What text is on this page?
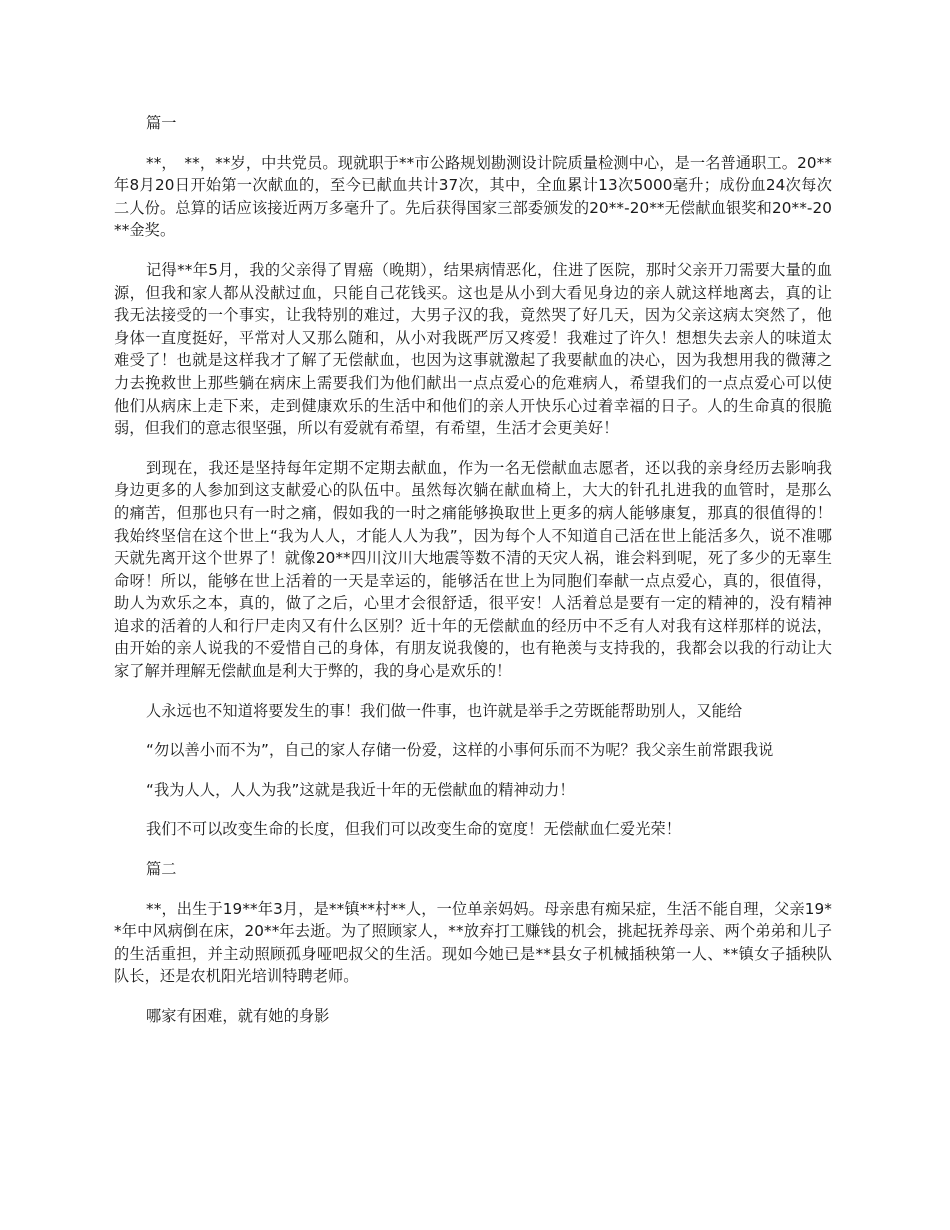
篇一
**，　**，**岁，中共党员。现就职于**市公路规划勘测设计院质量检测中心，是一名普通职工。20**年8月20日开始第一次献血的，至今已献血共计37次，其中，全血累计13次5000毫升；成份血24次每次二人份。总算的话应该接近两万多毫升了。先后获得国家三部委颁发的20**-20**无偿献血银奖和20**-20**金奖。
记得**年5月，我的父亲得了胃癌（晚期），结果病情恶化，住进了医院，那时父亲开刀需要大量的血源，但我和家人都从没献过血，只能自己花钱买。这也是从小到大看见身边的亲人就这样地离去，真的让我无法接受的一个事实，让我特别的难过，大男子汉的我，竟然哭了好几天，因为父亲这病太突然了，他身体一直度挺好，平常对人又那么随和，从小对我既严厉又疼爱！我难过了许久！想想失去亲人的味道太难受了！也就是这样我才了解了无偿献血，也因为这事就激起了我要献血的决心，因为我想用我的微薄之力去挽救世上那些躺在病床上需要我们为他们献出一点点爱心的危难病人，希望我们的一点点爱心可以使他们从病床上走下来，走到健康欢乐的生活中和他们的亲人开快乐心过着幸福的日子。人的生命真的很脆弱，但我们的意志很坚强，所以有爱就有希望，有希望，生活才会更美好！
到现在，我还是坚持每年定期不定期去献血，作为一名无偿献血志愿者，还以我的亲身经历去影响我身边更多的人参加到这支献爱心的队伍中。虽然每次躺在献血椅上，大大的针孔扎进我的血管时，是那么的痛苦，但那也只有一时之痛，假如我的一时之痛能够换取世上更多的病人能够康复，那真的很值得的！我始终坚信在这个世上“我为人人，才能人人为我”，因为每个人不知道自己活在世上能活多久，说不准哪天就先离开这个世界了！就像20**四川汶川大地震等数不清的天灾人祸，谁会料到呢，死了多少的无辜生命呀！所以，能够在世上活着的一天是幸运的，能够活在世上为同胞们奉献一点点爱心，真的，很值得，助人为欢乐之本，真的，做了之后，心里才会很舒适，很平安！人活着总是要有一定的精神的，没有精神追求的活着的人和行尸走肉又有什么区别？近十年的无偿献血的经历中不乏有人对我有这样那样的说法，由开始的亲人说我的不爱惜自己的身体，有朋友说我傻的，也有艳羡与支持我的，我都会以我的行动让大家了解并理解无偿献血是利大于弊的，我的身心是欢乐的！
人永远也不知道将要发生的事！我们做一件事，也许就是举手之劳既能帮助别人，又能给
“勿以善小而不为”，自己的家人存储一份爱，这样的小事何乐而不为呢？我父亲生前常跟我说
“我为人人，人人为我”这就是我近十年的无偿献血的精神动力！
我们不可以改变生命的长度，但我们可以改变生命的宽度！无偿献血仁爱光荣！
篇二
**，出生于19**年3月，是**镇**村**人，一位单亲妈妈。母亲患有痴呆症，生活不能自理，父亲19**年中风病倒在床，20**年去逝。为了照顾家人，**放弃打工赚钱的机会，挑起抚养母亲、两个弟弟和儿子的生活重担，并主动照顾孤身哑吧叔父的生活。现如今她已是**县女子机械插秧第一人、**镇女子插秧队队长，还是农机阳光培训特聘老师。
哪家有困难，就有她的身影
